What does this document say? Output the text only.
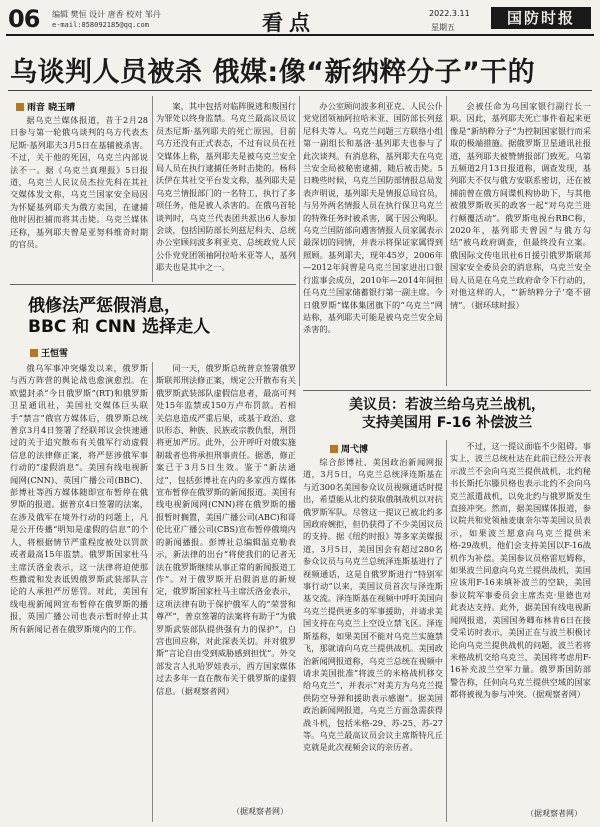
06 编辑 樊恒 设计 唐香 校对 邹丹
e-mail:858092185@qq.com	看点	2022.3.11
星期五
国防时报
乌谈判人员被杀 俄媒:像“新纳粹分子”干的
雨音 晓玉晴

据乌克兰媒体报道，昔于2月28日参与第一轮俄乌谈判的乌方代表杰尼斯·基列耶夫3月5日在基辅被杀害。不过，关于他的死因，乌克兰内部说法不一。据《乌克兰真理报》5日报道，乌克兰人民议员杰拉先科在其社交媒体发文称，乌克兰国家安全局因为怀疑基列耶夫为俄方卖国，在逮捕他时因拒捕而将其击毙。乌克兰媒体还称，基列耶夫曾是亚努科维奇时期的官员。

案，其中包括对临阵脱逃和叛国行为罪处以终身监禁。乌克兰最高议员议员杰尼斯·基列耶夫的死亡原因，目前乌方还没有正式表态，不过有议员在社交媒体上称，基列耶夫是被乌克兰安全局人员在执行逮捕任务时击毙的。杨科沃伊在其社交平台发文称，基列耶夫是乌克兰情报部门的一名特工，执行了多项任务，他是被人杀害的。在俄乌首轮谈判时，乌克兰代表团共派出6人参加会谈，包括国防部长列兹尼科夫、总统办公室顾问波多利亚克、总统政党人民公仆党党团领袖阿拉哈米亚等人，基列耶夫也是其中之一。

办公室顾问波多利亚克、人民公仆党党团领袖阿拉哈米亚、国防部长列兹尼科夫等人。乌克兰问题三方联络小组第一副组长和基洛·基列耶夫也参与了此次谈判。有消息称，基列耶夫在乌克兰安全局被秘密逮捕，随后被击毙。5日晚些时候，乌克兰国防部情报总局发表声明说，基列耶夫是情报总局官员，与另外两名情报人员在执行保卫乌克兰的特殊任务时被杀害，属于因公殉职。乌克兰国防部向遇害情报人员家属表示最深切的同情，并表示将保证家属得到照顾。基列耶夫，现年45岁，2006年—2012年间曾是乌克兰国家进出口银行监事会成员，2010年—2014年间担任乌克兰国家储蓄银行第一副主席。今日俄罗斯“媒体集团旗下的“乌克兰”网站称，基列耶夫可能是被乌克兰安全局杀害的。

会被任命为乌国家银行副行长一职。因此，基列耶夫死亡事件看起来更像是“新纳粹分子”为控制国家银行而采取的极端措施。据俄罗斯卫星通讯社报道，基列耶夫被赞情报部门致死。乌第五频道2月13日报道称，调查发现，基列耶夫不仅与俄方安联系密切，还在被捕前曾在俄方间谍机构协助下，与其他被俄罗斯收买的政客一起“对乌克兰进行颠覆活动”。俄罗斯电视台RBC称，2020年，基列耶夫曾因“与俄方勾结”被乌政府调查，但最终没有立案。俄国际文传电讯社6日援引俄罗斯联邦国家安全委员会的消息称，乌克兰安全局人员是在乌克兰政府命令下行动的，对他这样的人，“‘新纳粹分子’毫不留情”。（据环球时报）

俄修法严惩假消息，
BBC 和 CNN 选择走人
王恒雪

俄乌军事冲突爆发以来，俄罗斯与西方阵营的舆论战也愈演愈烈。在欧盟封杀“今日俄罗斯”(RT)和俄罗斯卫星通讯社，美国社交媒体巨头联手“禁言”俄官方媒体后，俄罗斯总统普京3月4日签署了经联邦议会快速通过的关于追究散布有关俄军行动虚假信息的法律修正案，将严惩涉俄军事行动的“虚假消息”。美国有线电视新闻网(CNN)、英国广播公司(BBC)、彭博社等西方媒体随即宣布暂停在俄罗斯的报道。据普京4日签署的法案，在涉及俄军在境外行动的问题上，凡是公开传播“明知是虚假的信息”的个人，将根据情节严重程度被处以罚款或者最高15年监禁。俄罗斯国家杜马主席沃洛金表示，这一法律将迫使那些撒谎和发表诋毁俄罗斯武装部队言论的人承担严厉惩罚。对此，美国有线电视新闻网宣布暂停在俄罗斯的播报，英国广播公司也表示暂时停止其所有新闻记者在俄罗斯境内的工作。

同一天，俄罗斯总统普京签署俄罗斯联邦刑法修正案，规定公开散布有关俄罗斯武装部队虚假信息者，最高可判处15年监禁或150万卢布罚款。若相关信息造成严重后果，或基于政治、意识形态、种族、民族或宗教仇恨，刑罚将更加严厉。此外，公开呼吁对俄实施制裁者也将承担刑事责任。据悉，修正案已于3月5日生效。鉴于“新法通过”，包括彭博社在内的多家西方媒体宣布暂停在俄罗斯的新闻报道。美国有线电视新闻网(CNN)将在俄罗斯的播报暂时搁置，美国广播公司(ABC)和哥伦比亚广播公司(CBS)宣布暂停俄境内的新闻播报。彭博社总编辑温克勒表示，新法律的出台“将使我们的记者无法在俄罗斯继续从事正常的新闻报道工作”。对于俄罗斯开启假消息的新规定，俄罗斯国家杜马主席沃洛金表示，这项法律有助于保护俄军人的“荣誉和尊严”，普京签署的法案将有助于“为俄罗斯武装部队提供强有力的保护”。白宫也回应称，对此深表关切。并对俄罗斯“言论自由受到威胁感到担忧”。外交部发言人扎哈罗娃表示，西方国家媒体过去多年一直在散布关于俄罗斯的虚假信息。（据观察者网）

（据观察者网）
美议员：若波兰给乌克兰战机，
支持美国用 F-16 补偿波兰
周弋博

综合彭博社、美国政治新闻网报道，3月5日，乌克兰总统泽连斯基在与近300名美国参众议员视频通话时提出，希望能从北约获取俄制战机以对抗俄罗斯军队。尽管这一提议已被北约多国政府婉拒，但仍获得了不少美国议员的支持。据《纽约时报》等多家美媒报道，3月5日，美国国会有超过280名参众议员与乌克兰总统泽连斯基进行了视频通话，这是自俄罗斯进行“特别军事行动”以来，美国议员首次与泽连斯基交流。泽连斯基在视频中呼吁美国向乌克兰提供更多的军事援助，并请求美国支持在乌克兰上空设立禁飞区。泽连斯基称，如果美国不能对乌克兰实施禁飞，那就请向乌克兰提供战机。美国政治新闻网报道称，乌克兰总统在视频中请求美国批准“将波兰的米格战机移交给乌克兰”，并表示“对美方为乌克兰提供防空导弹和援助表示感谢”。据美国政治新闻网报道，乌克兰方面急需获得战斗机，包括米格-29、苏-25、苏-27等。乌克兰最高议员会议主席斯特凡丘克就是此次视频会议的亲历者。

不过，这一提议面临不少阻碍。事实上，波兰总统杜达在此前已经公开表示波兰不会向乌克兰提供战机，北约秘书长斯托尔滕贝格也表示北约不会向乌克兰派遣战机，以免北约与俄罗斯发生直接冲突。然而，据美国媒体报道，参议院共和党领袖麦康奈尔等美国议员表示，如果波兰愿意向乌克兰提供米格-29战机，他们会支持美国以F-16战机作为补偿。美国参议员格雷厄姆称，如果波兰同意向乌克兰提供战机，美国应该用F-16来填补波兰的空缺，美国参议院军事委员会主席杰克·里德也对此表达支持。此外，据美国有线电视新闻网报道，美国国务卿布林肯6日在接受采访时表示，美国正在与波兰积极讨论向乌克兰提供战机的问题，波兰若将米格战机交给乌克兰，美国将考虑用F-16补充波兰空军力量。俄罗斯国防部警告称，任何向乌克兰提供空域的国家都将被视为参与冲突。（据观察者网）

（据观察者网）
